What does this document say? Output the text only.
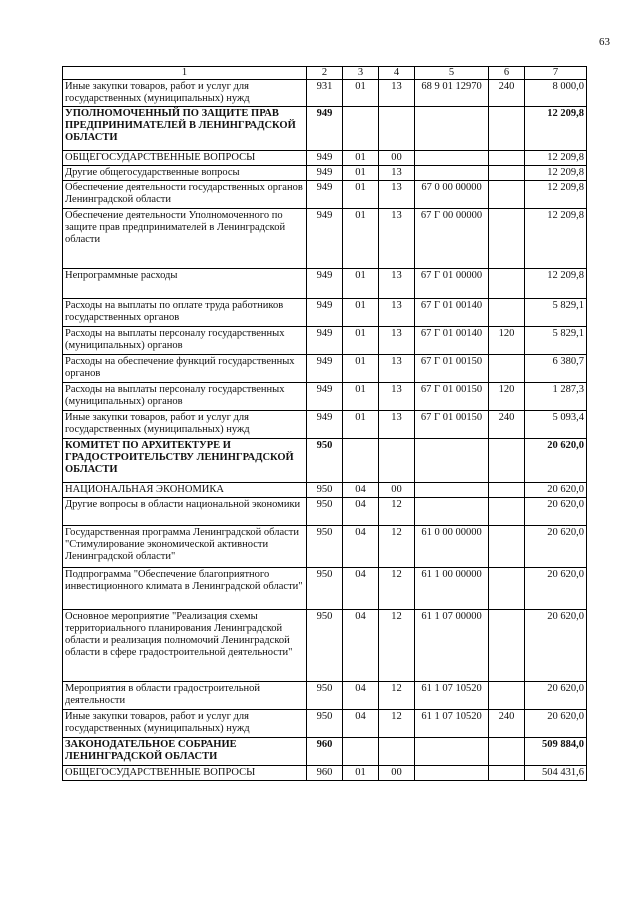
63
1	2	3	4	5	6	7
Иные закупки товаров, работ и услуг для государственных (муниципальных) нужд	931	01	13	68 9 01 12970	240	8 000,0
УПОЛНОМОЧЕННЫЙ ПО ЗАЩИТЕ ПРАВ ПРЕДПРИНИМАТЕЛЕЙ В ЛЕНИНГРАДСКОЙ ОБЛАСТИ	949					12 209,8
ОБЩЕГОСУДАРСТВЕННЫЕ ВОПРОСЫ	949	01	00			12 209,8
Другие общегосударственные вопросы	949	01	13			12 209,8
Обеспечение деятельности государственных органов Ленинградской области	949	01	13	67 0 00 00000		12 209,8
Обеспечение деятельности Уполномоченного по защите прав предпринимателей в Ленинградской области	949	01	13	67 Г 00 00000		12 209,8
Непрограммные расходы	949	01	13	67 Г 01 00000		12 209,8
Расходы на выплаты по оплате труда работников государственных органов	949	01	13	67 Г 01 00140		5 829,1
Расходы на выплаты персоналу государственных (муниципальных) органов	949	01	13	67 Г 01 00140	120	5 829,1
Расходы на обеспечение функций государственных органов	949	01	13	67 Г 01 00150		6 380,7
Расходы на выплаты персоналу государственных (муниципальных) органов	949	01	13	67 Г 01 00150	120	1 287,3
Иные закупки товаров, работ и услуг для государственных (муниципальных) нужд	949	01	13	67 Г 01 00150	240	5 093,4
КОМИТЕТ ПО АРХИТЕКТУРЕ И ГРАДОСТРОИТЕЛЬСТВУ ЛЕНИНГРАДСКОЙ ОБЛАСТИ	950					20 620,0
НАЦИОНАЛЬНАЯ ЭКОНОМИКА	950	04	00			20 620,0
Другие вопросы в области национальной экономики	950	04	12			20 620,0
Государственная программа Ленинградской области "Стимулирование экономической активности Ленинградской области"	950	04	12	61 0 00 00000		20 620,0
Подпрограмма "Обеспечение благоприятного инвестиционного климата в Ленинградской области"	950	04	12	61 1 00 00000		20 620,0
Основное мероприятие "Реализация схемы территориального планирования Ленинградской области и реализация полномочий Ленинградской области в сфере градостроительной деятельности"	950	04	12	61 1 07 00000		20 620,0
Мероприятия в области градостроительной деятельности	950	04	12	61 1 07 10520		20 620,0
Иные закупки товаров, работ и услуг для государственных (муниципальных) нужд	950	04	12	61 1 07 10520	240	20 620,0
ЗАКОНОДАТЕЛЬНОЕ СОБРАНИЕ ЛЕНИНГРАДСКОЙ ОБЛАСТИ	960					509 884,0
ОБЩЕГОСУДАРСТВЕННЫЕ ВОПРОСЫ	960	01	00			504 431,6
